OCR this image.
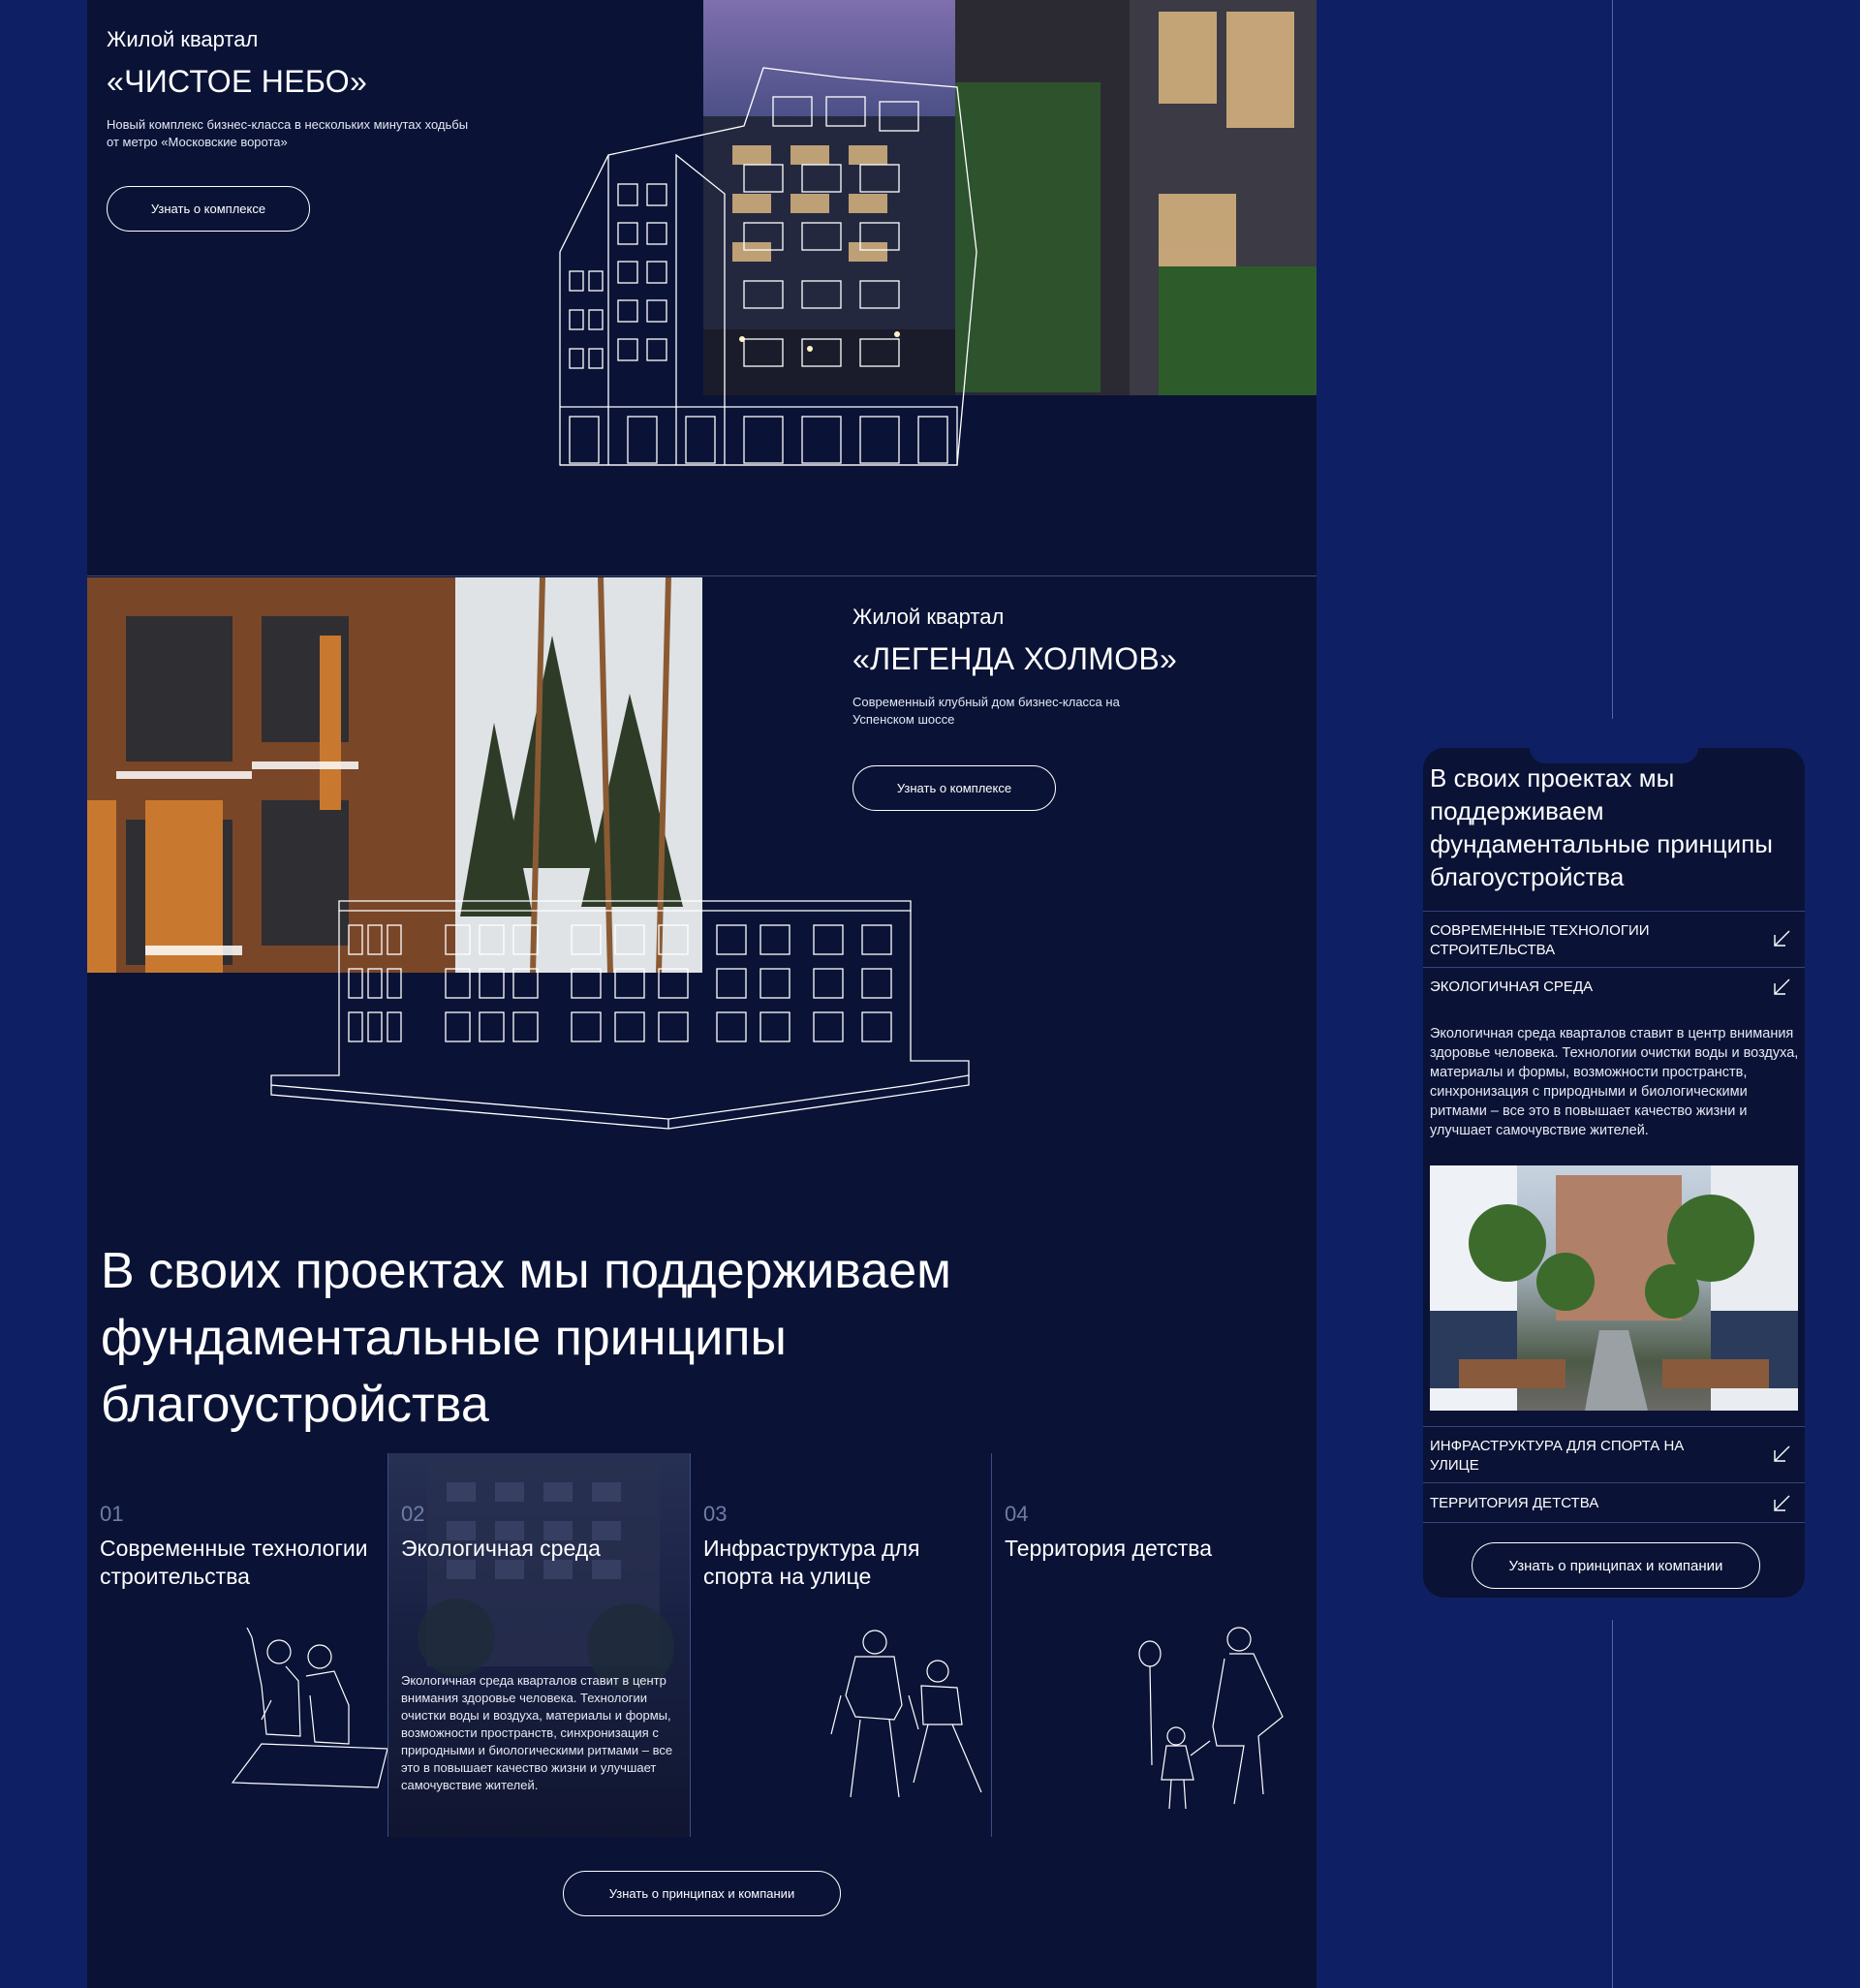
Жилой квартал
«ЧИСТОЕ НЕБО»
Новый комплекс бизнес-класса в нескольких минутах ходьбы от метро «Московские ворота»
Узнать о комплексе
Жилой квартал
«ЛЕГЕНДА ХОЛМОВ»
Современный клубный дом бизнес-класса на Успенском шоссе
Узнать о комплексе
В своих проектах мы поддерживаем фундаментальные принципы благоустройства
01
Современные технологии строительства
02
Экологичная среда
Экологичная среда кварталов ставит в центр внимания здоровье человека. Технологии очистки воды и воздуха, материалы и формы, возможности пространств, синхронизация с природными и биологическими ритмами – все это в повышает качество жизни и улучшает самочувствие жителей.
03
Инфраструктура для спорта на улице
04
Территория детства
Узнать о принципах и компании
В своих проектах мы поддерживаем фундаментальные принципы благоустройства
СОВРЕМЕННЫЕ ТЕХНОЛОГИИ СТРОИТЕЛЬСТВА
ЭКОЛОГИЧНАЯ СРЕДА
Экологичная среда кварталов ставит в центр внимания здоровье человека. Технологии очистки воды и воздуха, материалы и формы, возможности пространств, синхронизация с природными и биологическими ритмами – все это в повышает качество жизни и улучшает самочувствие жителей.
ИНФРАСТРУКТУРА ДЛЯ СПОРТА НА УЛИЦЕ
ТЕРРИТОРИЯ ДЕТСТВА
Узнать о принципах и компании
